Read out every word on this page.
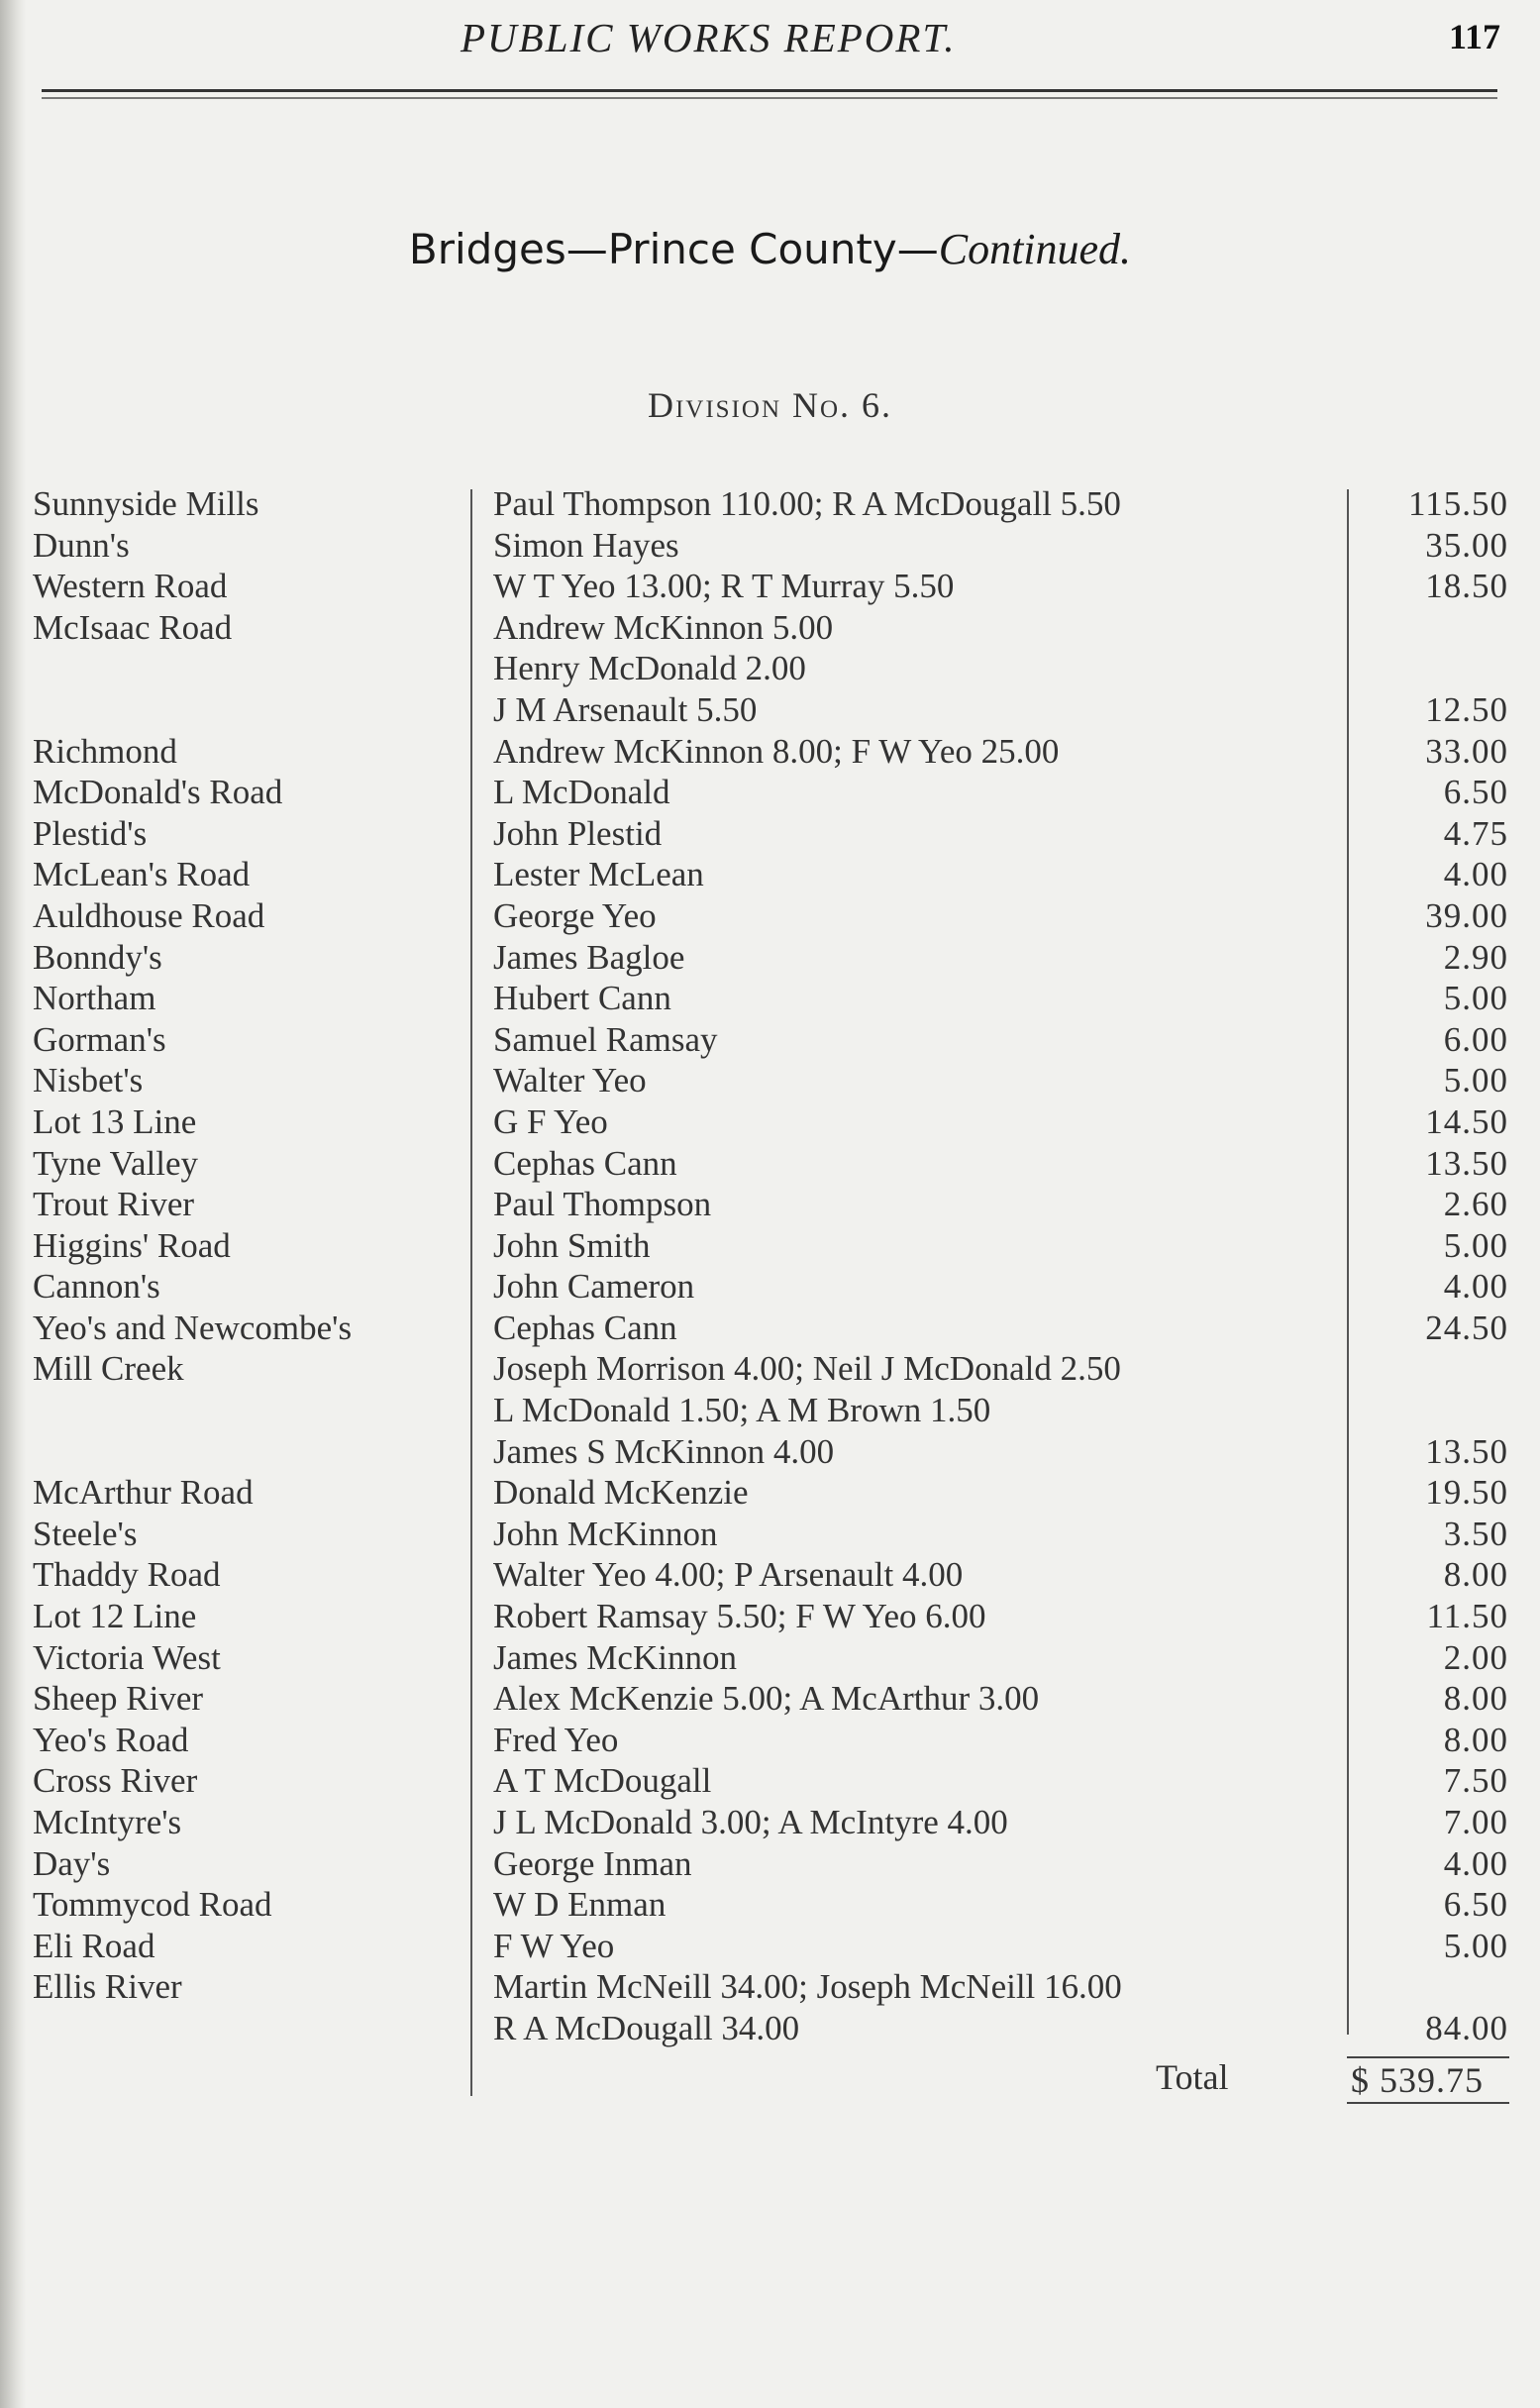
PUBLIC WORKS REPORT.	117
Bridges—Prince County—Continued.
Division No. 6.
Sunnyside Mills	Paul Thompson 110.00; R A McDougall 5.50	115.50
Dunn's	Simon Hayes	35.00
Western Road	W T Yeo 13.00; R T Murray 5.50	18.50
McIsaac Road	Andrew McKinnon 5.00
Henry McDonald 2.00
J M Arsenault 5.50	12.50
Richmond	Andrew McKinnon 8.00; F W Yeo 25.00	33.00
McDonald's Road	L McDonald	6.50
Plestid's	John Plestid	4.75
McLean's Road	Lester McLean	4.00
Auldhouse Road	George Yeo	39.00
Bonndy's	James Bagloe	2.90
Northam	Hubert Cann	5.00
Gorman's	Samuel Ramsay	6.00
Nisbet's	Walter Yeo	5.00
Lot 13 Line	G F Yeo	14.50
Tyne Valley	Cephas Cann	13.50
Trout River	Paul Thompson	2.60
Higgins' Road	John Smith	5.00
Cannon's	John Cameron	4.00
Yeo's and Newcombe's	Cephas Cann	24.50
Mill Creek	Joseph Morrison 4.00; Neil J McDonald 2.50
L McDonald 1.50; A M Brown 1.50
James S McKinnon 4.00	13.50
McArthur Road	Donald McKenzie	19.50
Steele's	John McKinnon	3.50
Thaddy Road	Walter Yeo 4.00; P Arsenault 4.00	8.00
Lot 12 Line	Robert Ramsay 5.50; F W Yeo 6.00	11.50
Victoria West	James McKinnon	2.00
Sheep River	Alex McKenzie 5.00; A McArthur 3.00	8.00
Yeo's Road	Fred Yeo	8.00
Cross River	A T McDougall	7.50
McIntyre's	J L McDonald 3.00; A McIntyre 4.00	7.00
Day's	George Inman	4.00
Tommycod Road	W D Enman	6.50
Eli Road	F W Yeo	5.00
Ellis River	Martin McNeill 34.00; Joseph McNeill 16.00
R A McDougall 34.00	84.00
Total	$ 539.75
